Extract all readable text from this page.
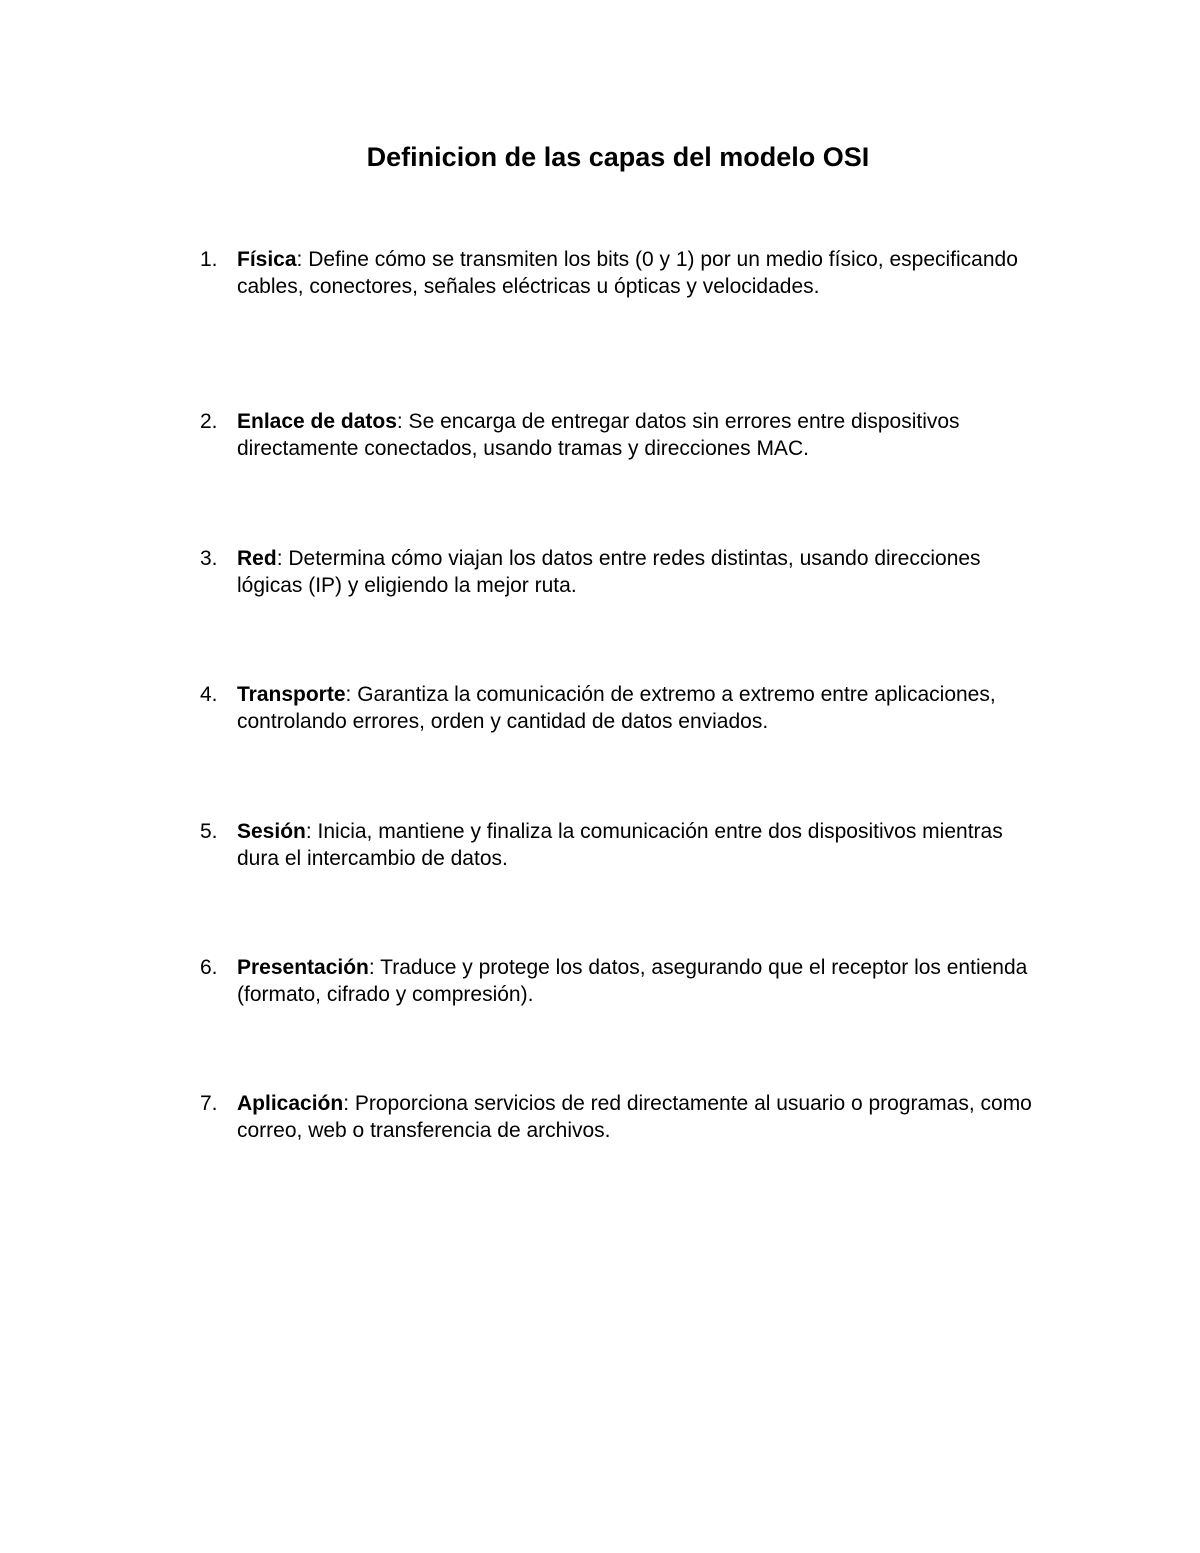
Definicion de las capas del modelo OSI
1. Física: Define cómo se transmiten los bits (0 y 1) por un medio físico, especificando cables, conectores, señales eléctricas u ópticas y velocidades.
2. Enlace de datos: Se encarga de entregar datos sin errores entre dispositivos directamente conectados, usando tramas y direcciones MAC.
3. Red: Determina cómo viajan los datos entre redes distintas, usando direcciones lógicas (IP) y eligiendo la mejor ruta.
4. Transporte: Garantiza la comunicación de extremo a extremo entre aplicaciones, controlando errores, orden y cantidad de datos enviados.
5. Sesión: Inicia, mantiene y finaliza la comunicación entre dos dispositivos mientras dura el intercambio de datos.
6. Presentación: Traduce y protege los datos, asegurando que el receptor los entienda (formato, cifrado y compresión).
7. Aplicación: Proporciona servicios de red directamente al usuario o programas, como correo, web o transferencia de archivos.
